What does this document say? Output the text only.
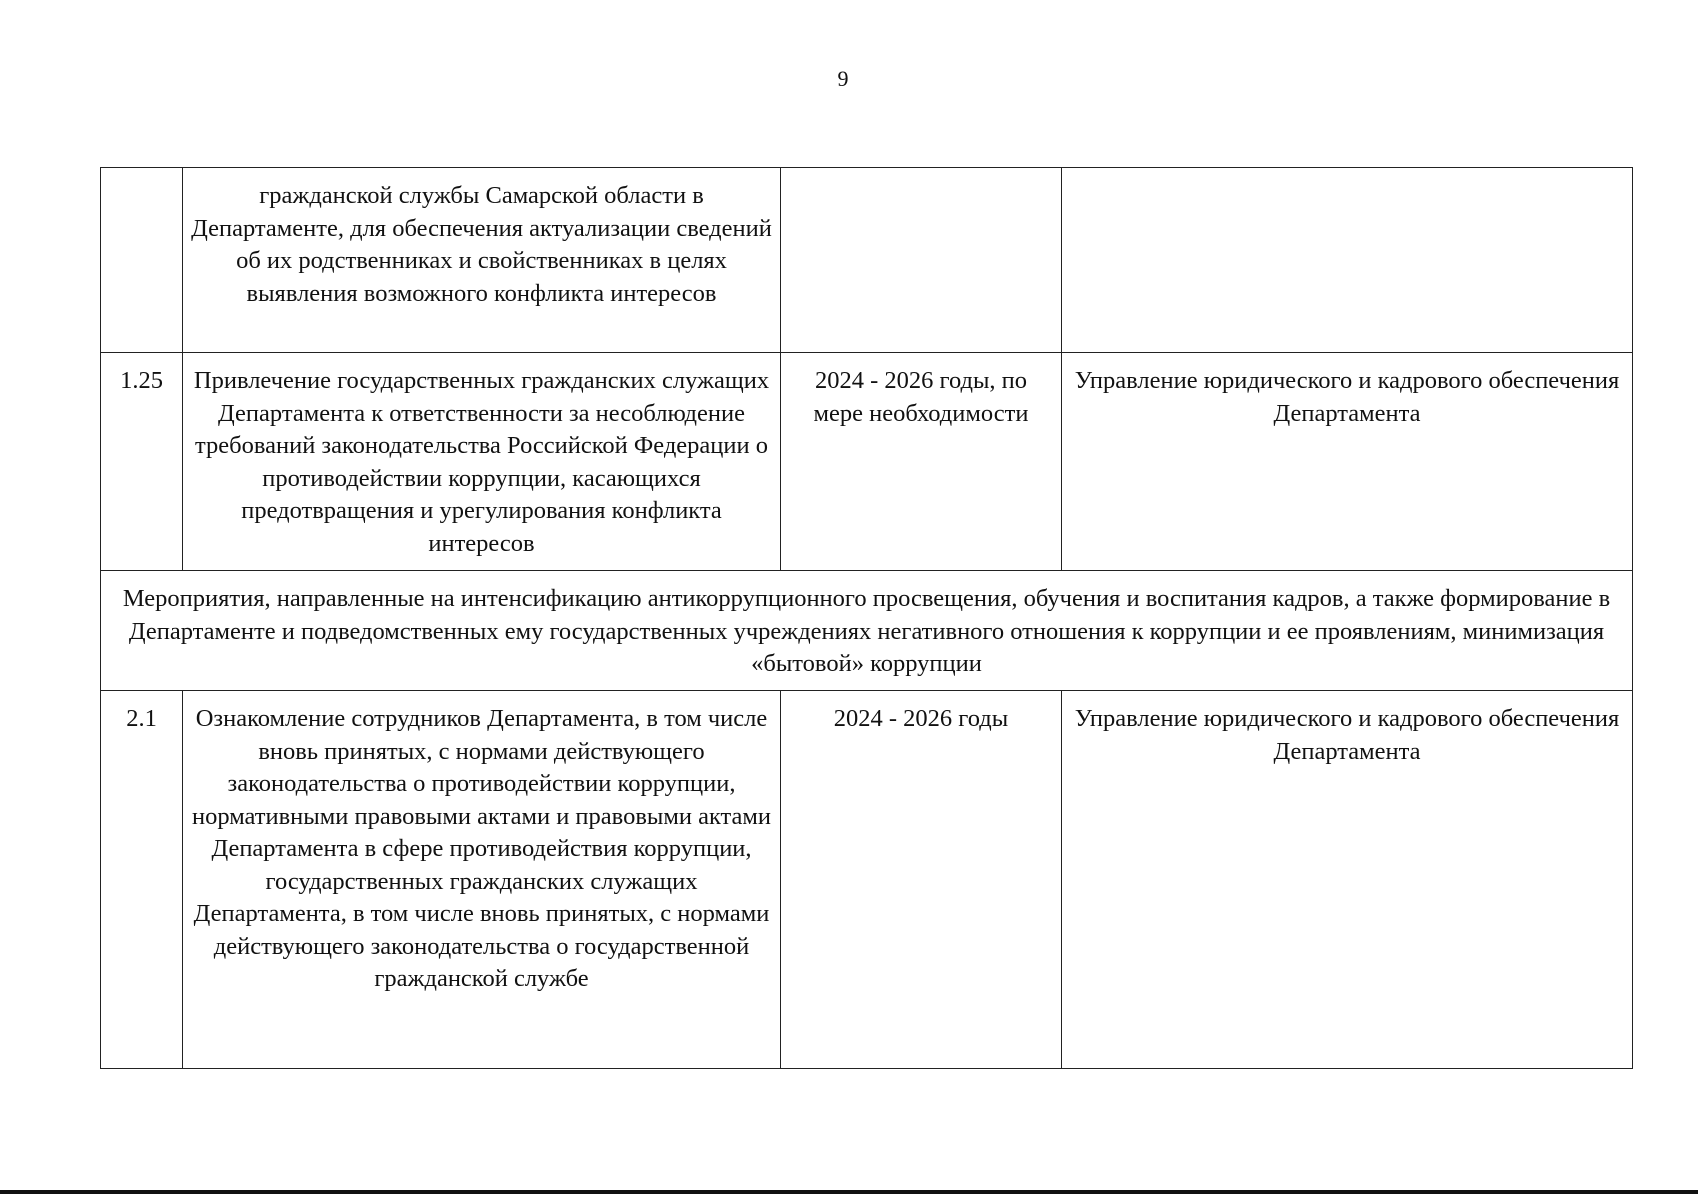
9
	гражданской службы Самарской области в Департаменте, для обеспечения актуализации сведений об их родственниках и свойственниках в целях выявления возможного конфликта интересов		
1.25	Привлечение государственных гражданских служащих Департамента к ответственности за несоблюдение требований законодательства Российской Федерации о противодействии коррупции, касающихся предотвращения и урегулирования конфликта интересов	2024 - 2026 годы, по мере необходимости	Управление юридического и кадрового обеспечения Департамента
Мероприятия, направленные на интенсификацию антикоррупционного просвещения, обучения и воспитания кадров, а также формирование в Департаменте и подведомственных ему государственных учреждениях негативного отношения к коррупции и ее проявлениям, минимизация «бытовой» коррупции			
2.1	Ознакомление сотрудников Департамента, в том числе вновь принятых, с нормами действующего законодательства о противодействии коррупции, нормативными правовыми актами и правовыми актами Департамента в сфере противодействия коррупции, государственных гражданских служащих Департамента, в том числе вновь принятых, с нормами действующего законодательства о государственной гражданской службе	2024 - 2026 годы	Управление юридического и кадрового обеспечения Департамента
